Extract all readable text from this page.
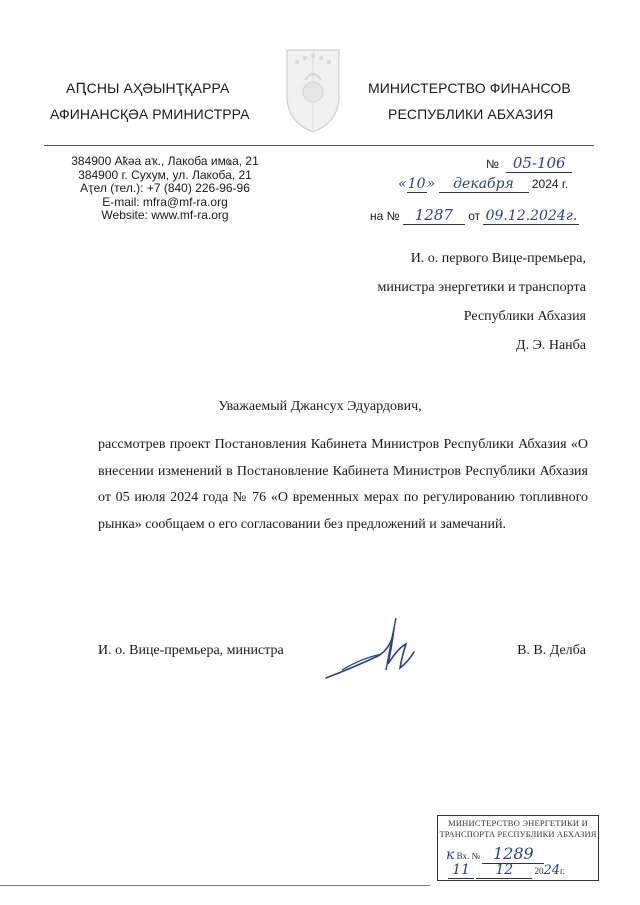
АԤСНЫ АҲӘЫНҬҚАРРА
АФИНАНСҚӘА РМИНИСТРРА
МИНИСТЕРСТВО ФИНАНСОВ
РЕСПУБЛИКИ АБХАЗИЯ
384900 Аҟәа аҡ., Лакоба имҩа, 21
384900 г. Сухум, ул. Лакоба, 21
Аҭел (тел.): +7 (840) 226-96-96
E-mail: mfra@mf-ra.org
Website: www.mf-ra.org
№ 05-106
«10» декабря 2024 г.
на № 1287 от 09.12.2024г.
И. о. первого Вице-премьера,
министра энергетики и транспорта
Республики Абхазия
Д. Э. Нанба
Уважаемый Джансух Эдуардович,
рассмотрев проект Постановления Кабинета Министров Республики Абхазия «О внесении изменений в Постановление Кабинета Министров Республики Абхазия от 05 июля 2024 года № 76 «О временных мерах по регулированию топливного рынка» сообщаем о его согласовании без предложений и замечаний.
И. о. Вице-премьера, министра	В. В. Делба
МИНИСТЕРСТВО ЭНЕРГЕТИКИ И
ТРАНСПОРТА РЕСПУБЛИКИ АБХАЗИЯ
к Вх. № 1289
11 12 2024г.
